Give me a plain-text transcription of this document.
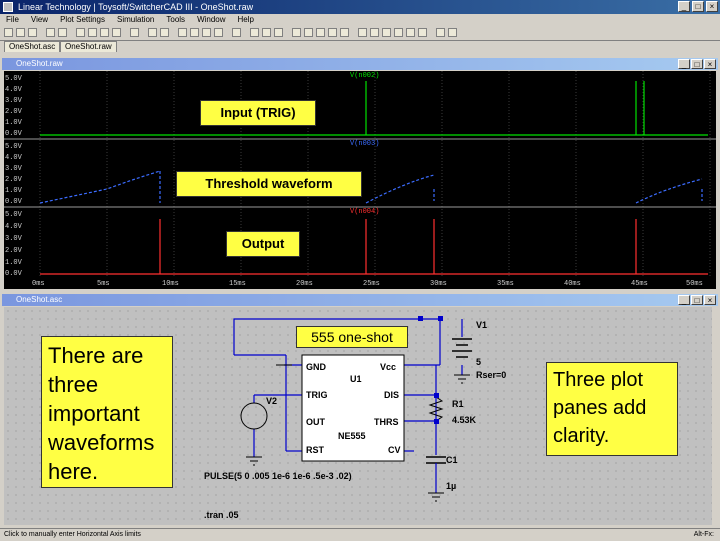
Linear Technology | Toysoft/SwitcherCAD III - OneShot.raw	_	□	×
File View Plot Settings Simulation Tools Window Help
OneShot.asc	OneShot.raw
OneShot.raw	_	□	×
V(n002)
V(n003)
V(n004)
5.0V
4.0V
3.0V
2.0V
1.0V
0.0V
5.0V
4.0V
3.0V
2.0V
1.0V
0.0V
5.0V
4.0V
3.0V
2.0V
1.0V
0.0V
0ms	5ms	10ms	15ms	20ms	25ms	30ms	35ms	40ms	45ms	50ms
Input (TRIG)
Threshold waveform
Output
OneShot.asc	_	□	×
GND	Vcc
U1
TRIG	DIS
OUT	THRS
NE555
RST	CV
V1
5
Rser=0
V2	R1
4.53K
C1
1µ
PULSE(5 0 .005 1e-6 1e-6 .5e-3 .02)
.tran .05
555 one-shot
There are three important waveforms here.
Three plot panes add clarity.
Click to manually enter Horizontal Axis limits	Alt-Fx:
